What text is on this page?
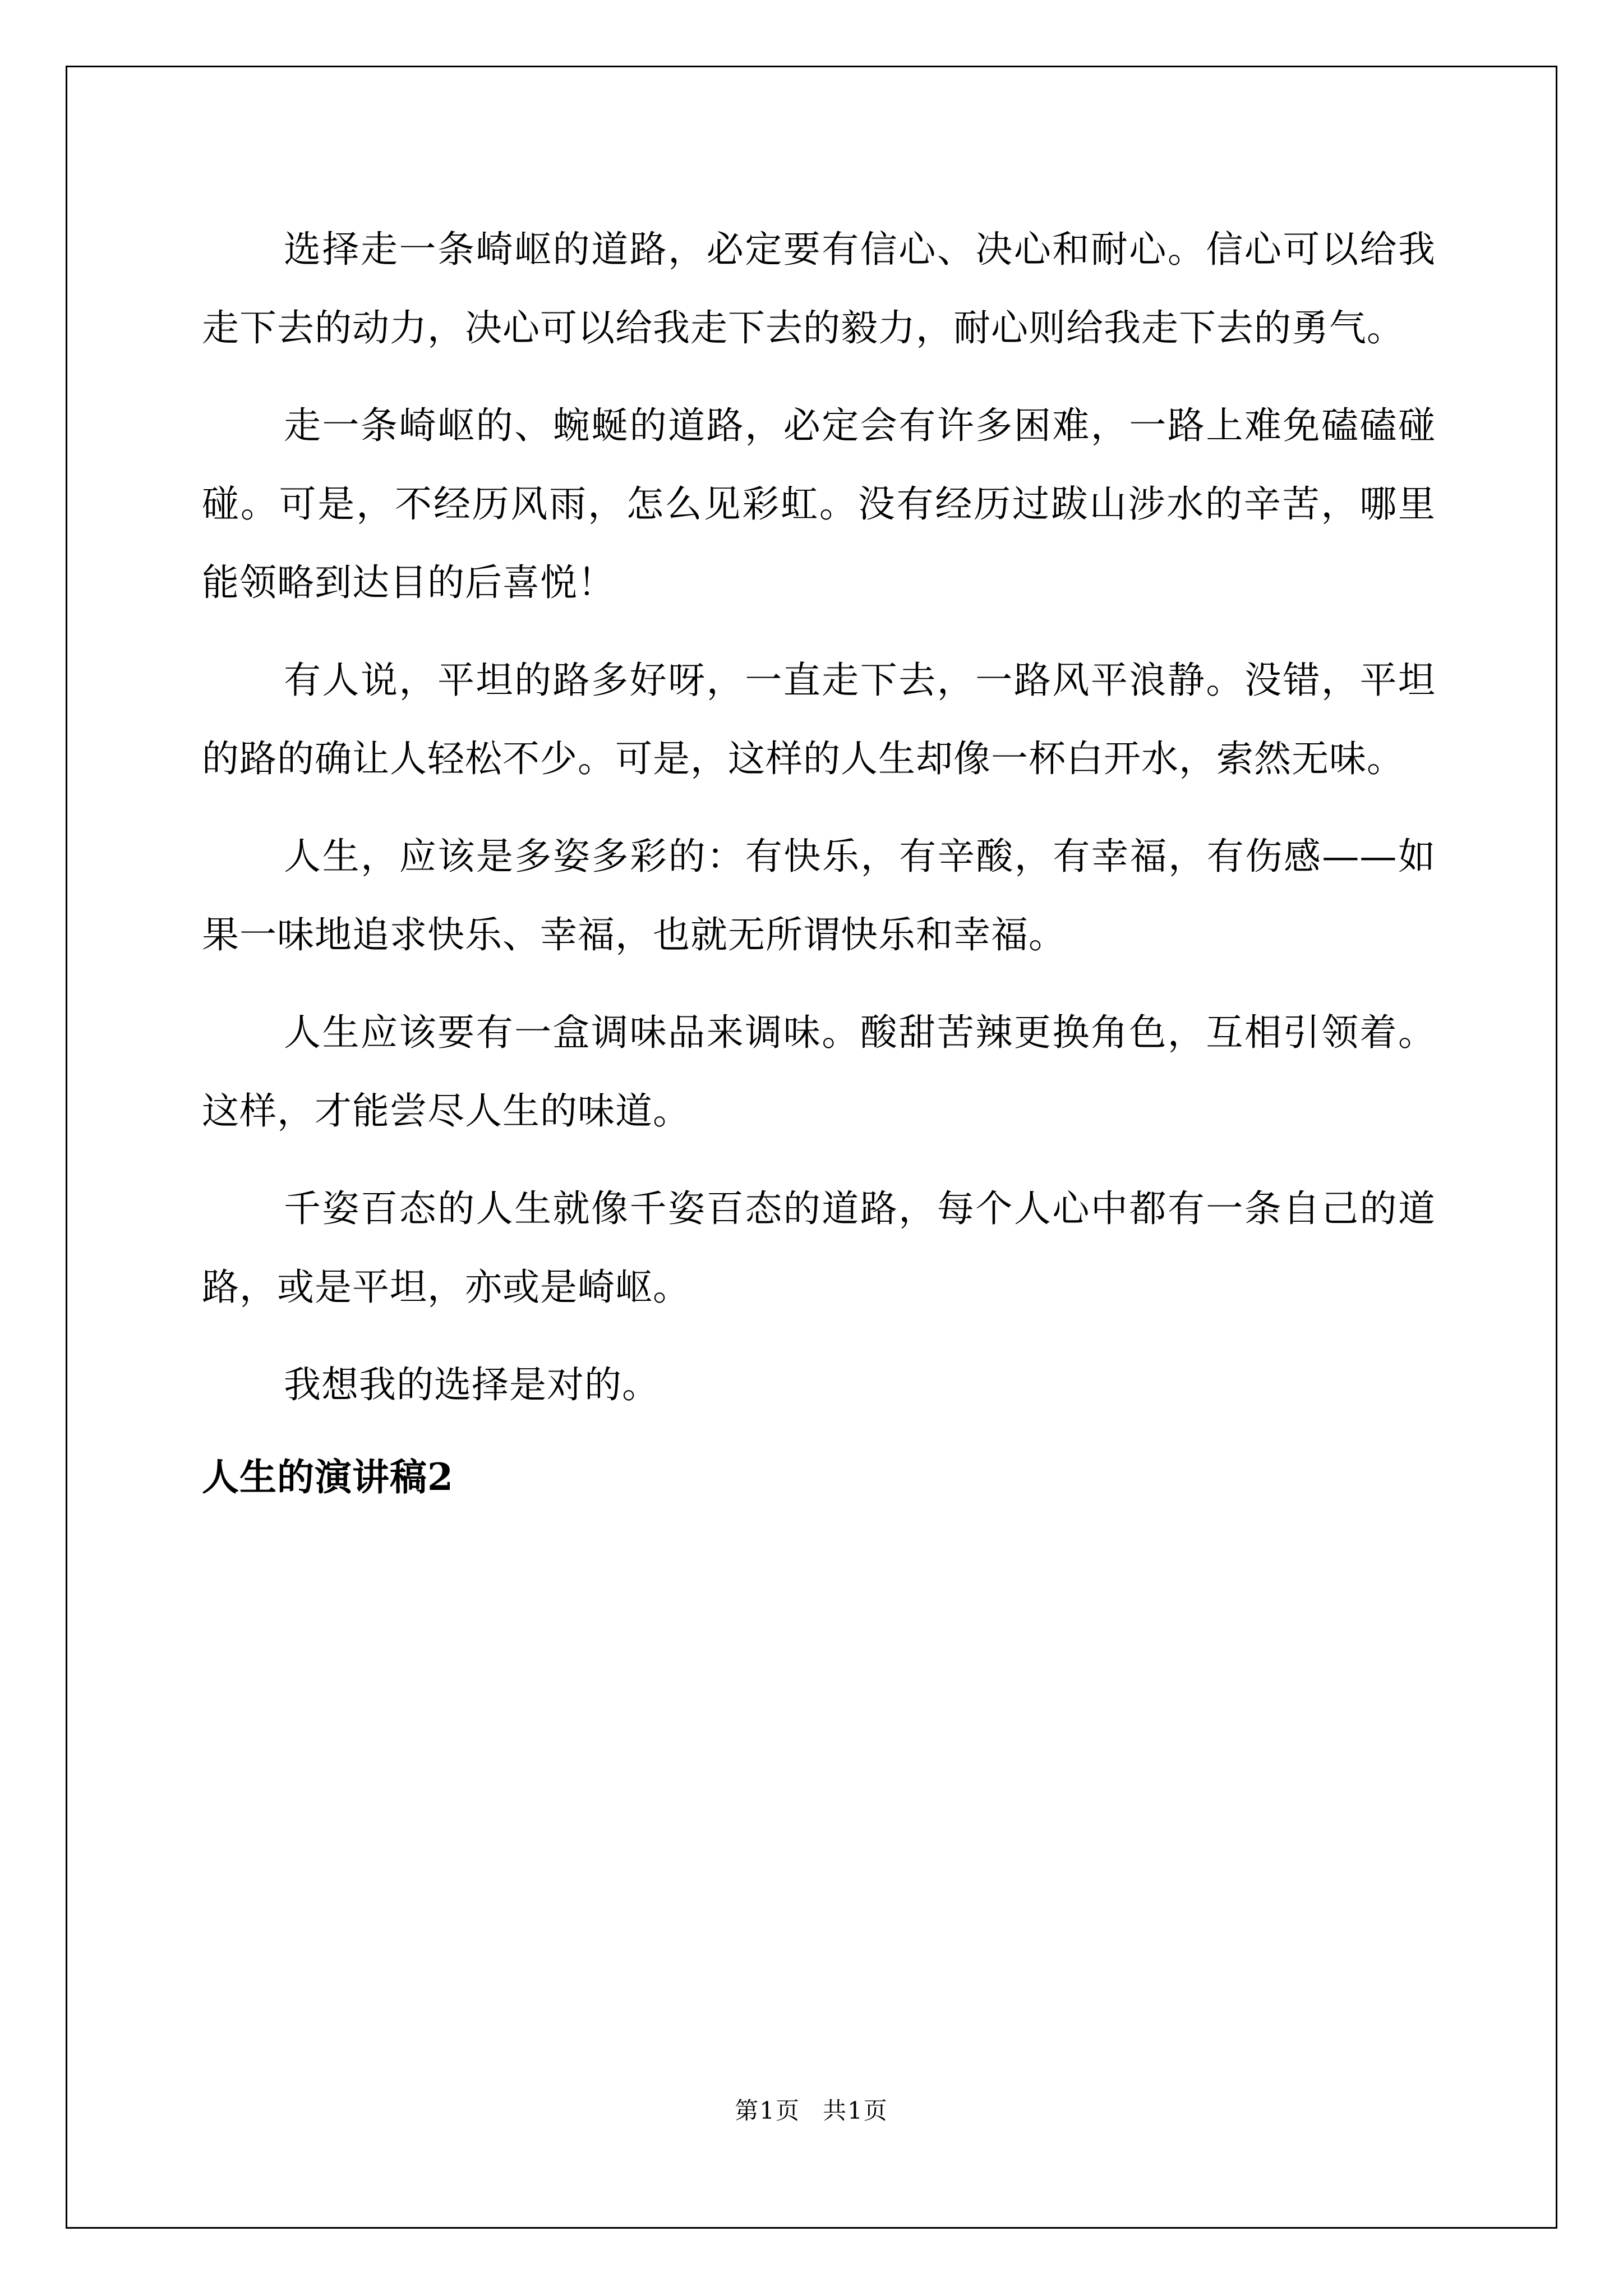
选择走一条崎岖的道路，必定要有信心、决心和耐心。信心可以给我走下去的动力，决心可以给我走下去的毅力，耐心则给我走下去的勇气。

走一条崎岖的、蜿蜒的道路，必定会有许多困难，一路上难免磕磕碰碰。可是，不经历风雨，怎么见彩虹。没有经历过跋山涉水的辛苦，哪里能领略到达目的后喜悦！

有人说，平坦的路多好呀，一直走下去，一路风平浪静。没错，平坦的路的确让人轻松不少。可是，这样的人生却像一杯白开水，索然无味。

人生，应该是多姿多彩的：有快乐，有辛酸，有幸福，有伤感——如果一味地追求快乐、幸福，也就无所谓快乐和幸福。

人生应该要有一盒调味品来调味。酸甜苦辣更换角色，互相引领着。这样，才能尝尽人生的味道。

千姿百态的人生就像千姿百态的道路，每个人心中都有一条自己的道路，或是平坦，亦或是崎岖。

我想我的选择是对的。

人生的演讲稿2
第1页 共1页
